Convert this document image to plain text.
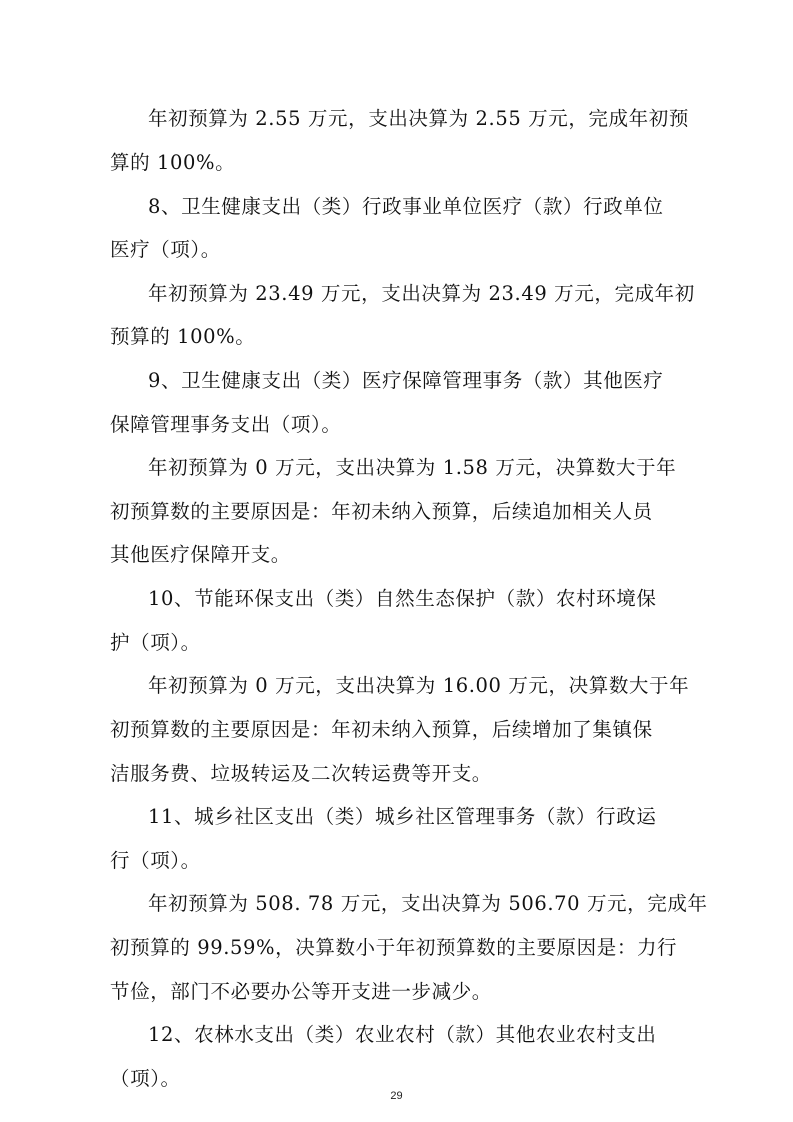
年初预算为 2.55 万元，支出决算为 2.55 万元，完成年初预
算的 100%。
8、卫生健康支出（类）行政事业单位医疗（款）行政单位
医疗（项）。
年初预算为 23.49 万元，支出决算为 23.49 万元，完成年初
预算的 100%。
9、卫生健康支出（类）医疗保障管理事务（款）其他医疗
保障管理事务支出（项）。
年初预算为 0 万元，支出决算为 1.58 万元，决算数大于年
初预算数的主要原因是：年初未纳入预算，后续追加相关人员
其他医疗保障开支。
10、节能环保支出（类）自然生态保护（款）农村环境保
护（项）。
年初预算为 0 万元，支出决算为 16.00 万元，决算数大于年
初预算数的主要原因是：年初未纳入预算，后续增加了集镇保
洁服务费、垃圾转运及二次转运费等开支。
11、城乡社区支出（类）城乡社区管理事务（款）行政运
行（项）。
年初预算为 508. 78 万元，支出决算为 506.70 万元，完成年
初预算的 99.59%，决算数小于年初预算数的主要原因是：力行
节俭，部门不必要办公等开支进一步减少。
12、农林水支出（类）农业农村（款）其他农业农村支出
（项）。
29
